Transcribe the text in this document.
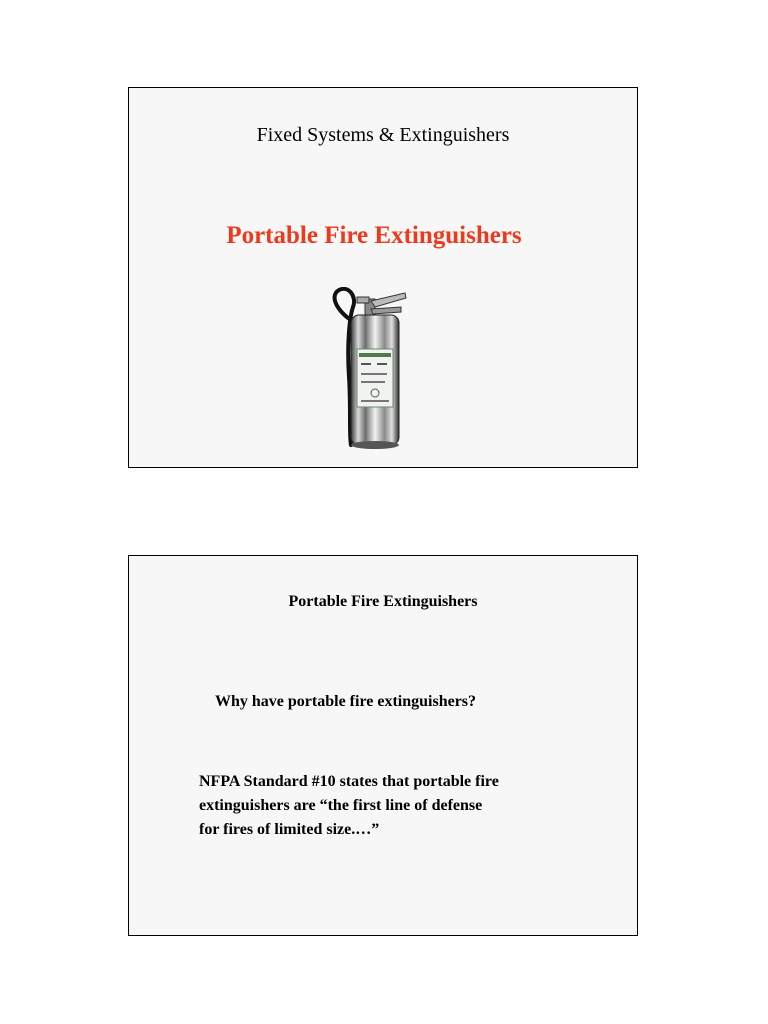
Fixed Systems & Extinguishers
Portable Fire Extinguishers
Portable Fire Extinguishers
Why have portable fire extinguishers?
NFPA Standard #10 states that portable fire
extinguishers are “the first line of defense
for fires of limited size.…”
